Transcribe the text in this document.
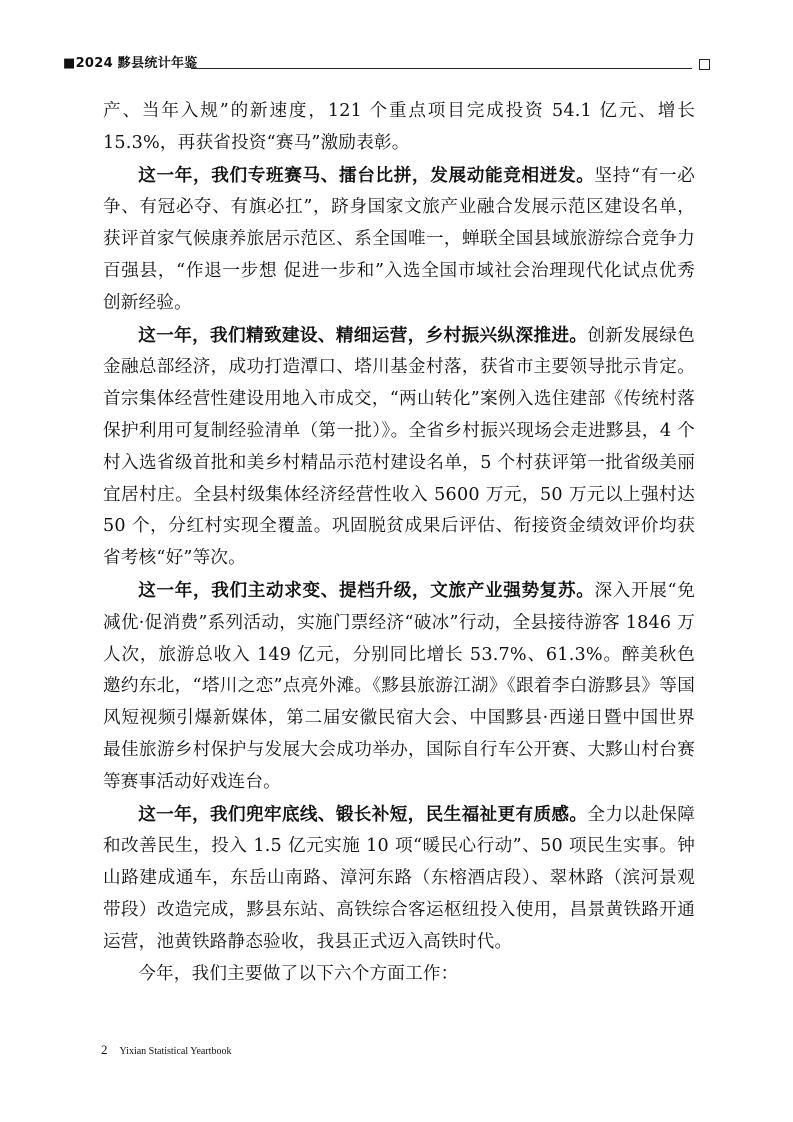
■2024 黟县统计年鉴

产、当年入规”的新速度，121 个重点项目完成投资 54.1 亿元、增长 15.3%，再获省投资“赛马”激励表彰。

这一年，我们专班赛马、擂台比拼，发展动能竞相迸发。坚持“有一必争、有冠必夺、有旗必扛”，跻身国家文旅产业融合发展示范区建设名单，获评首家气候康养旅居示范区、系全国唯一，蝉联全国县域旅游综合竞争力百强县，“作退一步想 促进一步和”入选全国市域社会治理现代化试点优秀创新经验。

这一年，我们精致建设、精细运营，乡村振兴纵深推进。创新发展绿色金融总部经济，成功打造潭口、塔川基金村落，获省市主要领导批示肯定。首宗集体经营性建设用地入市成交，“两山转化”案例入选住建部《传统村落保护利用可复制经验清单（第一批）》。全省乡村振兴现场会走进黟县，4 个村入选省级首批和美乡村精品示范村建设名单，5 个村获评第一批省级美丽宜居村庄。全县村级集体经济经营性收入 5600 万元，50 万元以上强村达 50 个，分红村实现全覆盖。巩固脱贫成果后评估、衔接资金绩效评价均获省考核“好”等次。

这一年，我们主动求变、提档升级，文旅产业强势复苏。深入开展“免减优·促消费”系列活动，实施门票经济“破冰”行动，全县接待游客 1846 万人次，旅游总收入 149 亿元，分别同比增长 53.7%、61.3%。醉美秋色邀约东北，“塔川之恋”点亮外滩。《黟县旅游江湖》《跟着李白游黟县》等国风短视频引爆新媒体，第二届安徽民宿大会、中国黟县·西递日暨中国世界最佳旅游乡村保护与发展大会成功举办，国际自行车公开赛、大黟山村台赛等赛事活动好戏连台。

这一年，我们兜牢底线、锻长补短，民生福祉更有质感。全力以赴保障和改善民生，投入 1.5 亿元实施 10 项“暖民心行动”、50 项民生实事。钟山路建成通车，东岳山南路、漳河东路（东榕酒店段）、翠林路（滨河景观带段）改造完成，黟县东站、高铁综合客运枢纽投入使用，昌景黄铁路开通运营，池黄铁路静态验收，我县正式迈入高铁时代。

今年，我们主要做了以下六个方面工作：

2 Yixian Statistical Yeartbook
